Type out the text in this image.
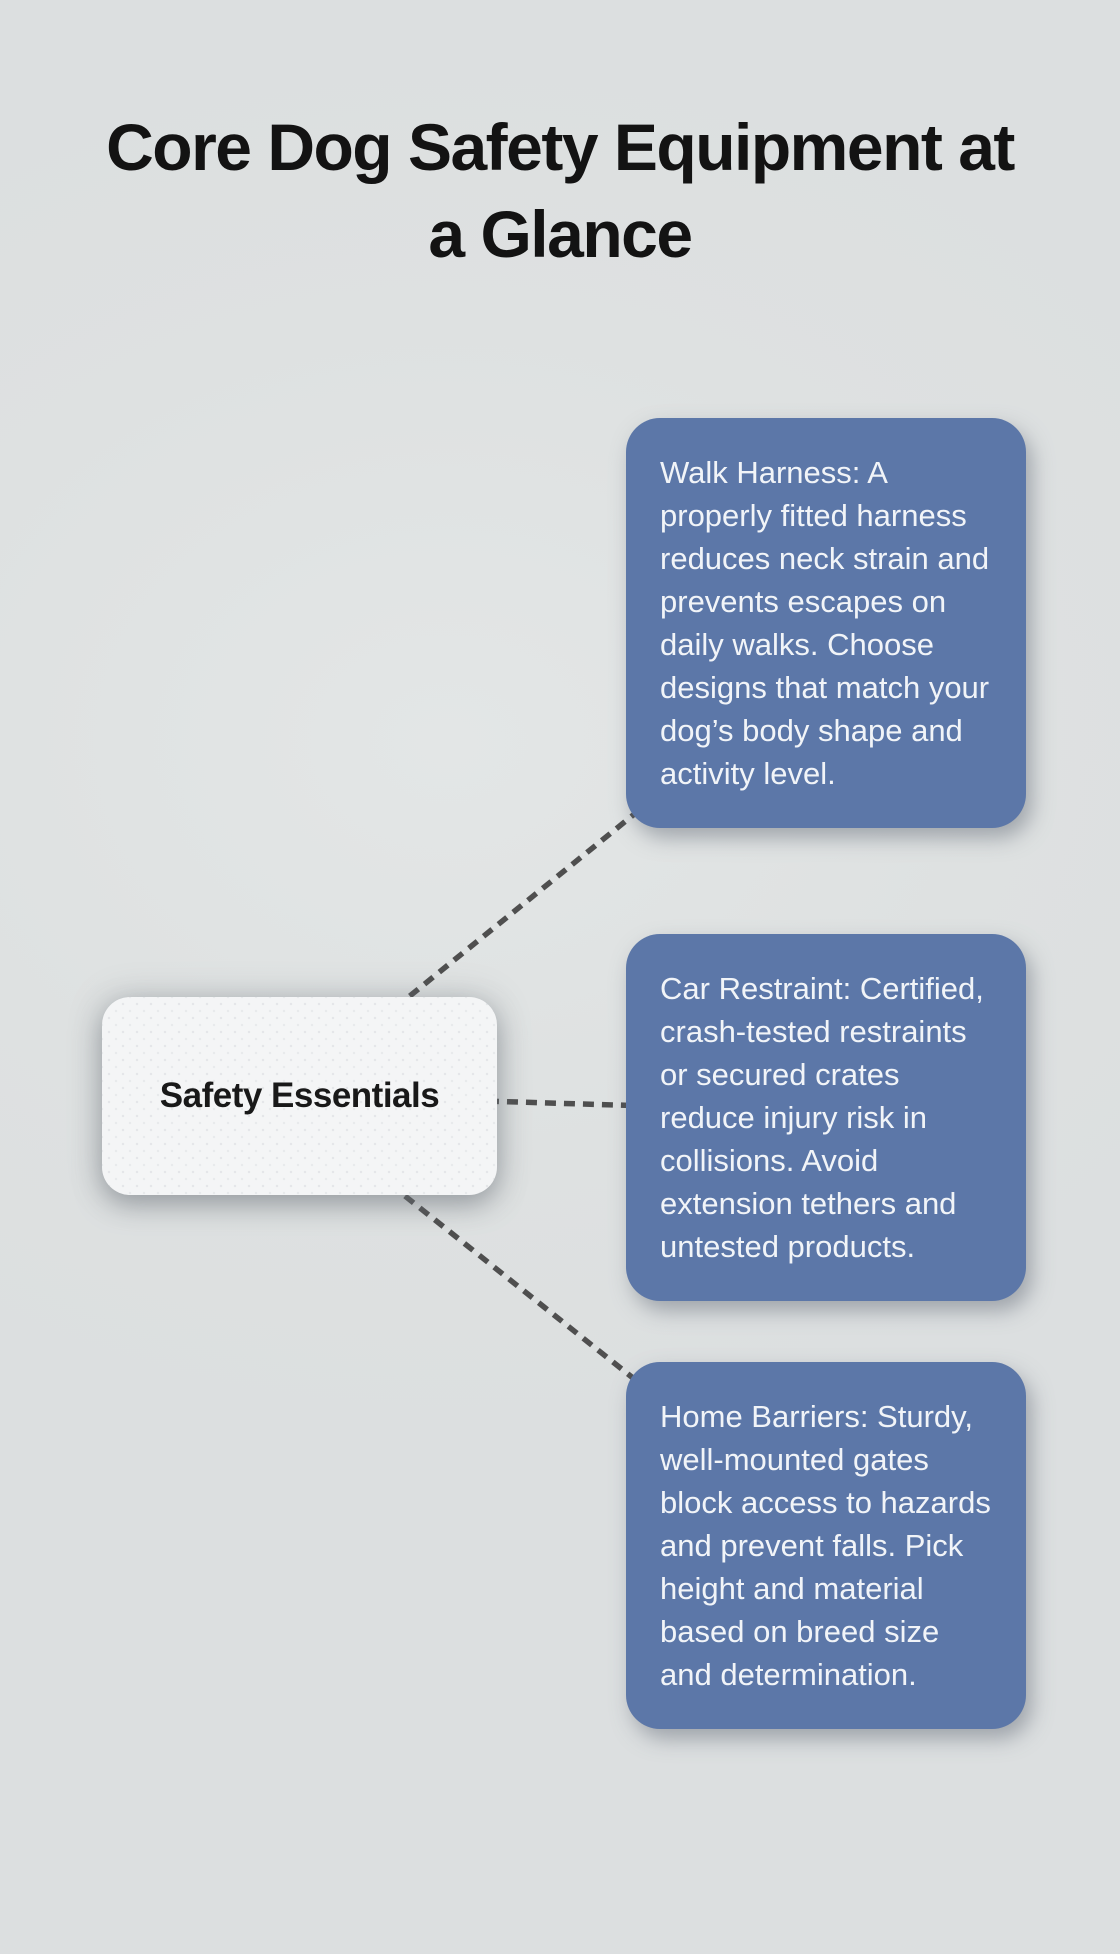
Core Dog Safety Equipment at
a Glance
Safety Essentials
Walk Harness: A properly fitted harness reduces neck strain and prevents escapes on daily walks. Choose designs that match your dog’s body shape and activity level.
Car Restraint: Certified, crash-tested restraints or secured crates reduce injury risk in collisions. Avoid extension tethers and untested products.
Home Barriers: Sturdy, well-mounted gates block access to hazards and prevent falls. Pick height and material based on breed size and determination.
